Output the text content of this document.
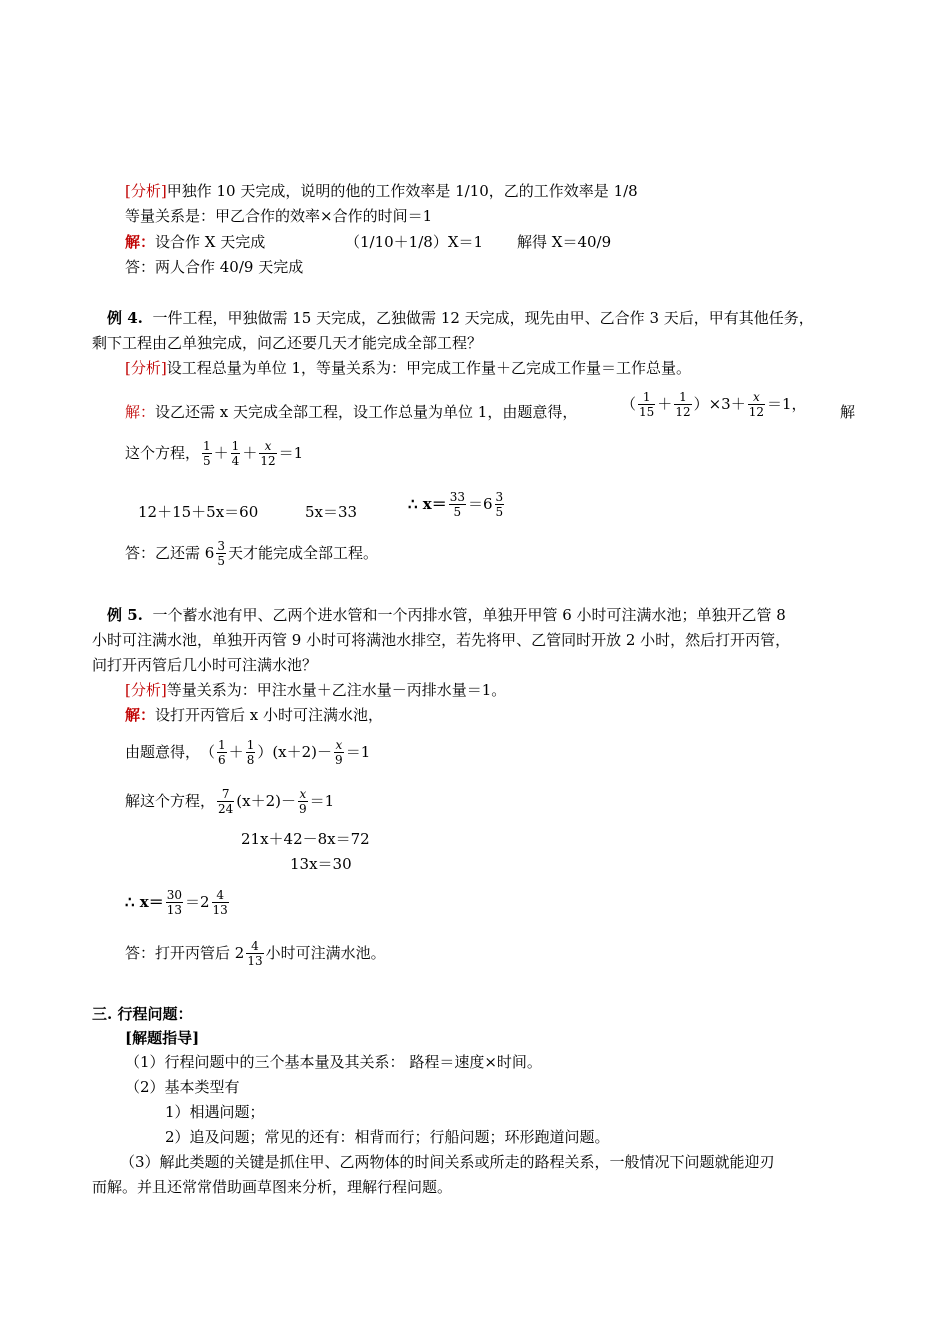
[分析]甲独作 10 天完成，说明的他的工作效率是 1/10，乙的工作效率是 1/8
等量关系是：甲乙合作的效率×合作的时间＝1
解：设合作 X 天完成	（1/10＋1/8）X＝1 解得 X＝40/9
答：两人合作 40/9 天完成
例 4. 一件工程，甲独做需 15 天完成，乙独做需 12 天完成，现先由甲、乙合作 3 天后，甲有其他任务，
剩下工程由乙单独完成，问乙还要几天才能完成全部工程？
[分析]设工程总量为单位 1，等量关系为：甲完成工作量＋乙完成工作量＝工作总量。
解：设乙还需 x 天完成全部工程，设工作总量为单位 1，由题意得，	（ 1
15 ＋ 1
12 ）×3＋ x
12 ＝1， 解
这个方程， 1
5 ＋ 1
4 ＋ x
12 ＝1
12＋15＋5x＝60	5x＝33	∴ x＝ 33
5 ＝6 3
5
答：乙还需 6 3
5 天才能完成全部工程。
例 5. 一个蓄水池有甲、乙两个进水管和一个丙排水管，单独开甲管 6 小时可注满水池；单独开乙管 8
小时可注满水池，单独开丙管 9 小时可将满池水排空，若先将甲、乙管同时开放 2 小时，然后打开丙管，
问打开丙管后几小时可注满水池？
[分析]等量关系为：甲注水量＋乙注水量－丙排水量＝1。
解：设打开丙管后 x 小时可注满水池，
由题意得， （ 1
6 ＋ 1
8 ）(x＋2)－ x
9 ＝1
解这个方程， 7
24 (x＋2)－ x
9 ＝1
21x＋42－8x＝72
13x＝30
∴ x＝ 30
13 ＝2 4
13
答：打开丙管后 2 4
13 小时可注满水池。
三. 行程问题：
[解题指导]
（1）行程问题中的三个基本量及其关系： 路程＝速度×时间。
（2）基本类型有
1）相遇问题；
2）追及问题；常见的还有：相背而行；行船问题；环形跑道问题。
（3）解此类题的关键是抓住甲、乙两物体的时间关系或所走的路程关系，一般情况下问题就能迎刃
而解。并且还常常借助画草图来分析，理解行程问题。
